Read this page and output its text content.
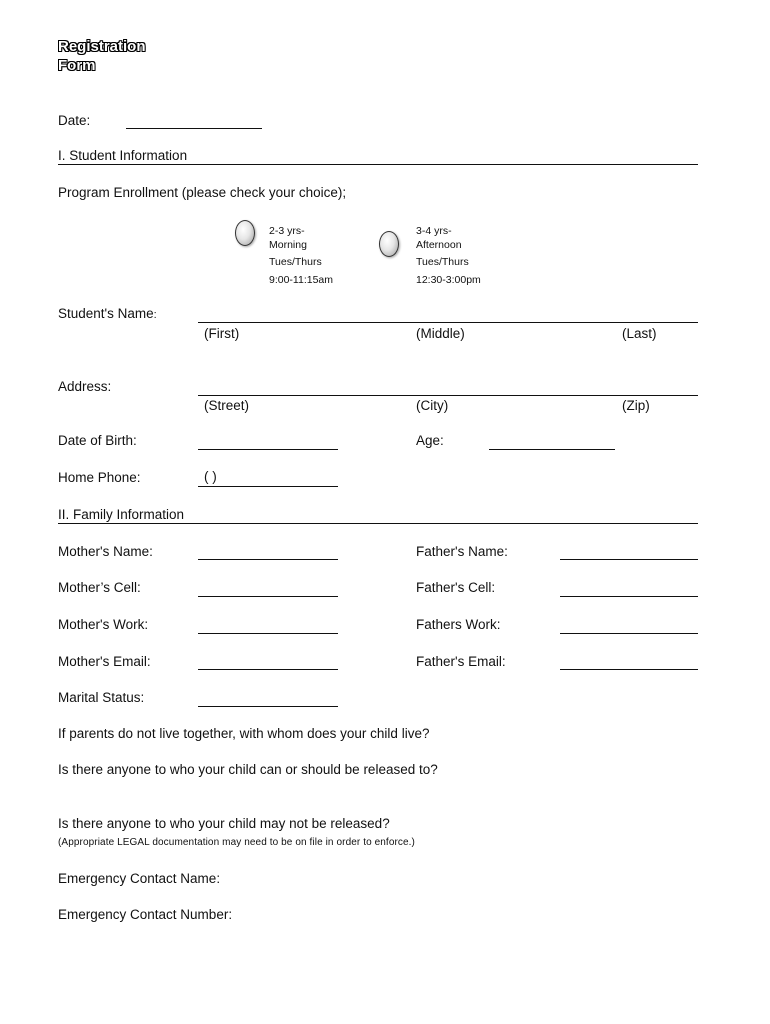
Registration
Form
Date:
I. Student Information
Program Enrollment (please check your choice);
2-3 yrs-
Morning
Tues/Thurs
9:00-11:15am
3-4 yrs-
Afternoon
Tues/Thurs
12:30-3:00pm
Student's Name:
(First)	(Middle)	(Last)
Address:
(Street)	(City)	(Zip)
Date of Birth:	Age:
Home Phone:	( )
II. Family Information
Mother's Name:	Father's Name:
Mother’s Cell:	Father's Cell:
Mother's Work:	Fathers Work:
Mother's Email:	Father's Email:
Marital Status:
If parents do not live together, with whom does your child live?
Is there anyone to who your child can or should be released to?
Is there anyone to who your child may not be released?
(Appropriate LEGAL documentation may need to be on file in order to enforce.)
Emergency Contact Name:
Emergency Contact Number:
